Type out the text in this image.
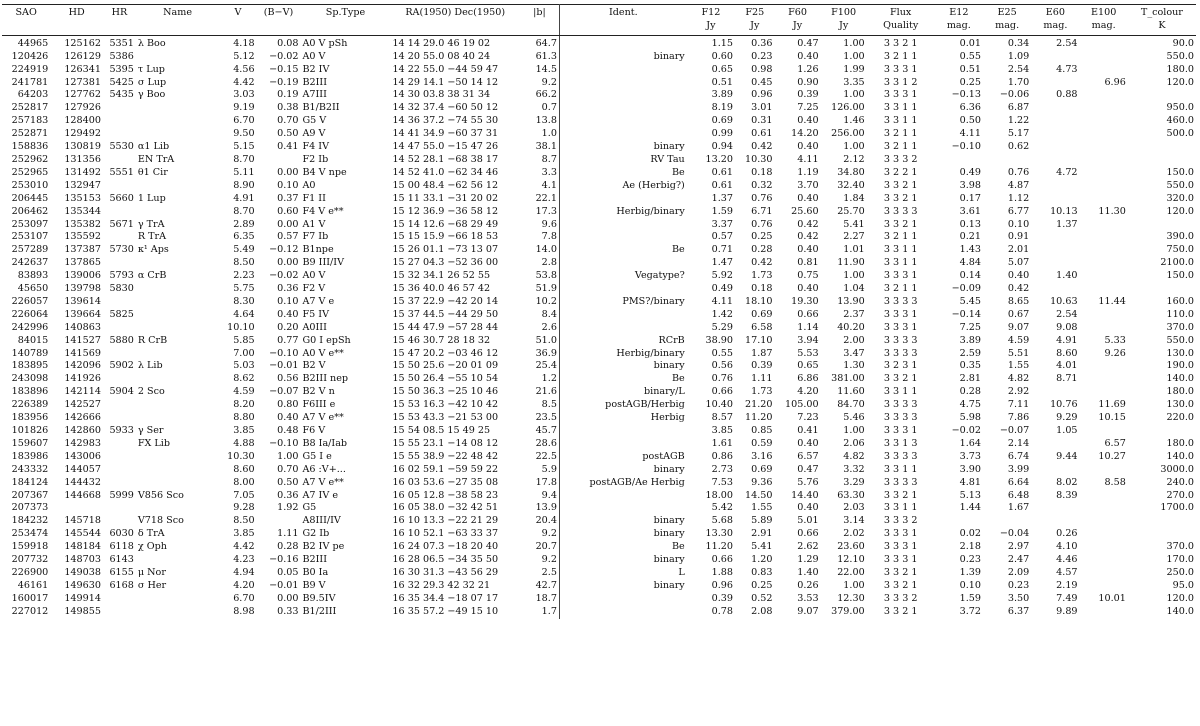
SAO	HD	HR	Name	V	(B−V)	Sp.Type	RA(1950) Dec(1950)	|b|	Ident.	F12	F25	F60	F100	Flux	E12	E25	E60	E100	T_colour
										Jy	Jy	Jy	Jy	Quality	mag.	mag.	mag.	mag.	K
44965	125162	5351	λ Boo	4.18	0.08	A0 V pSh	14 14 29.0 46 19 02	64.7		1.15	0.36	0.47	1.00	3 3 2 1	0.01	0.34	2.54		90.0
120426	126129	5386		5.12	−0.02	A0 V	14 20 55.0 08 40 24	61.3	binary	0.60	0.23	0.40	1.00	3 2 1 1	0.55	1.09			550.0
224919	126341	5395	τ Lup	4.56	−0.15	B2 IV	14 22 55.0 −44 59 47	14.5		0.65	0.98	1.26	1.99	3 3 3 1	0.51	2.54	4.73		180.0
241781	127381	5425	σ Lup	4.42	−0.19	B2III	14 29 14.1 −50 14 12	9.2		0.51	0.45	0.90	3.35	3 3 1 2	0.25	1.70		6.96	120.0
64203	127762	5435	γ Boo	3.03	0.19	A7III	14 30 03.8 38 31 34	66.2		3.89	0.96	0.39	1.00	3 3 3 1	−0.13	−0.06	0.88		
252817	127926			9.19	0.38	B1/B2II	14 32 37.4 −60 50 12	0.7		8.19	3.01	7.25	126.00	3 3 1 1	6.36	6.87			950.0
257183	128400			6.70	0.70	G5 V	14 36 37.2 −74 55 30	13.8		0.69	0.31	0.40	1.46	3 3 1 1	0.50	1.22			460.0
252871	129492			9.50	0.50	A9 V	14 41 34.9 −60 37 31	1.0		0.99	0.61	14.20	256.00	3 2 1 1	4.11	5.17			500.0
158836	130819	5530	α1 Lib	5.15	0.41	F4 IV	14 47 55.0 −15 47 26	38.1	binary	0.94	0.42	0.40	1.00	3 2 1 1	−0.10	0.62			
252962	131356		EN TrA	8.70		F2 Ib	14 52 28.1 −68 38 17	8.7	RV Tau	13.20	10.30	4.11	2.12	3 3 3 2					
252965	131492	5551	θ1 Cir	5.11	0.00	B4 V npe	14 52 41.0 −62 34 46	3.3	Be	0.61	0.18	1.19	34.80	3 2 2 1	0.49	0.76	4.72		150.0
253010	132947			8.90	0.10	A0	15 00 48.4 −62 56 12	4.1	Ae (Herbig?)	0.61	0.32	3.70	32.40	3 3 2 1	3.98	4.87			550.0
206445	135153	5660	1 Lup	4.91	0.37	F1 II	15 11 33.1 −31 20 02	22.1		1.37	0.76	0.40	1.84	3 3 2 1	0.17	1.12			320.0
206462	135344			8.70	0.60	F4 V e**	15 12 36.9 −36 58 12	17.3	Herbig/binary	1.59	6.71	25.60	25.70	3 3 3 3	3.61	6.77	10.13	11.30	120.0
253097	135382	5671	γ TrA	2.89	0.00	A1 V	15 14 12.6 −68 29 49	9.6		3.37	0.76	0.42	5.41	3 3 2 1	0.13	0.10	1.37		
253107	135592		R TrA	6.35	0.57	F7 Ib	15 15 15.9 −66 18 53	7.8		0.57	0.25	0.42	2.27	3 2 1 1	0.21	0.91			390.0
257289	137387	5730	κ¹ Aps	5.49	−0.12	B1npe	15 26 01.1 −73 13 07	14.0	Be	0.71	0.28	0.40	1.01	3 3 1 1	1.43	2.01			750.0
242637	137865			8.50	0.00	B9 III/IV	15 27 04.3 −52 36 00	2.8		1.47	0.42	0.81	11.90	3 3 1 1	4.84	5.07			2100.0
83893	139006	5793	α CrB	2.23	−0.02	A0 V	15 32 34.1 26 52 55	53.8	Vegatype?	5.92	1.73	0.75	1.00	3 3 3 1	0.14	0.40	1.40		150.0
45650	139798	5830		5.75	0.36	F2 V	15 36 40.0 46 57 42	51.9		0.49	0.18	0.40	1.04	3 2 1 1	−0.09	0.42			
226057	139614			8.30	0.10	A7 V e	15 37 22.9 −42 20 14	10.2	PMS?/binary	4.11	18.10	19.30	13.90	3 3 3 3	5.45	8.65	10.63	11.44	160.0
226064	139664	5825		4.64	0.40	F5 IV	15 37 44.5 −44 29 50	8.4		1.42	0.69	0.66	2.37	3 3 3 1	−0.14	0.67	2.54		110.0
242996	140863			10.10	0.20	A0III	15 44 47.9 −57 28 44	2.6		5.29	6.58	1.14	40.20	3 3 3 1	7.25	9.07	9.08		370.0
84015	141527	5880	R CrB	5.85	0.77	G0 I epSh	15 46 30.7 28 18 32	51.0	RCrB	38.90	17.10	3.94	2.00	3 3 3 3	3.89	4.59	4.91	5.33	550.0
140789	141569			7.00	−0.10	A0 V e**	15 47 20.2 −03 46 12	36.9	Herbig/binary	0.55	1.87	5.53	3.47	3 3 3 3	2.59	5.51	8.60	9.26	130.0
183895	142096	5902	λ Lib	5.03	−0.01	B2 V	15 50 25.6 −20 01 09	25.4	binary	0.56	0.39	0.65	1.30	3 2 3 1	0.35	1.55	4.01		190.0
243098	141926			8.62	0.56	B2III nep	15 50 26.4 −55 10 54	1.2	Be	0.76	1.11	6.86	381.00	3 3 2 1	2.81	4.82	8.71		140.0
183896	142114	5904	2 Sco	4.59	−0.07	B2 V n	15 50 36.3 −25 10 46	21.6	binary/L	0.66	1.73	4.20	11.60	3 3 1 1	0.28	2.92			180.0
226389	142527			8.20	0.80	F6III e	15 53 16.3 −42 10 42	8.5	postAGB/Herbig	10.40	21.20	105.00	84.70	3 3 3 3	4.75	7.11	10.76	11.69	130.0
183956	142666			8.80	0.40	A7 V e**	15 53 43.3 −21 53 00	23.5	Herbig	8.57	11.20	7.23	5.46	3 3 3 3	5.98	7.86	9.29	10.15	220.0
101826	142860	5933	γ Ser	3.85	0.48	F6 V	15 54 08.5 15 49 25	45.7		3.85	0.85	0.41	1.00	3 3 3 1	−0.02	−0.07	1.05		
159607	142983		FX Lib	4.88	−0.10	B8 Ia/Iab	15 55 23.1 −14 08 12	28.6		1.61	0.59	0.40	2.06	3 3 1 3	1.64	2.14		6.57	180.0
183986	143006			10.30	1.00	G5 I e	15 55 38.9 −22 48 42	22.5	postAGB	0.86	3.16	6.57	4.82	3 3 3 3	3.73	6.74	9.44	10.27	140.0
243332	144057			8.60	0.70	A6 :V+...	16 02 59.1 −59 59 22	5.9	binary	2.73	0.69	0.47	3.32	3 3 1 1	3.90	3.99			3000.0
184124	144432			8.00	0.50	A7 V e**	16 03 53.6 −27 35 08	17.8	postAGB/Ae Herbig	7.53	9.36	5.76	3.29	3 3 3 3	4.81	6.64	8.02	8.58	240.0
207367	144668	5999	V856 Sco	7.05	0.36	A7 IV e	16 05 12.8 −38 58 23	9.4		18.00	14.50	14.40	63.30	3 3 2 1	5.13	6.48	8.39		270.0
207373				9.28	1.92	G5	16 05 38.0 −32 42 51	13.9		5.42	1.55	0.40	2.03	3 3 1 1	1.44	1.67			1700.0
184232	145718		V718 Sco	8.50		A8III/IV	16 10 13.3 −22 21 29	20.4	binary	5.68	5.89	5.01	3.14	3 3 3 2					
253474	145544	6030	δ TrA	3.85	1.11	G2 Ib	16 10 52.1 −63 33 37	9.2	binary	13.30	2.91	0.66	2.02	3 3 3 1	0.02	−0.04	0.26		
159918	148184	6118	χ Oph	4.42	0.28	B2 IV pe	16 24 07.3 −18 20 40	20.7	Be	11.20	5.41	2.62	23.60	3 3 3 1	2.18	2.97	4.10		370.0
207732	148703	6143		4.23	−0.16	B2III	16 28 06.5 −34 35 50	9.2	binary	0.66	1.20	1.29	12.10	3 3 3 1	0.23	2.47	4.46		170.0
226900	149038	6155	μ Nor	4.94	0.05	B0 Ia	16 30 31.3 −43 56 29	2.5	L	1.88	0.83	1.40	22.00	3 3 2 1	1.39	2.09	4.57		250.0
46161	149630	6168	σ Her	4.20	−0.01	B9 V	16 32 29.3 42 32 21	42.7	binary	0.96	0.25	0.26	1.00	3 3 2 1	0.10	0.23	2.19		95.0
160017	149914			6.70	0.00	B9.5IV	16 35 34.4 −18 07 17	18.7		0.39	0.52	3.53	12.30	3 3 3 2	1.59	3.50	7.49	10.01	120.0
227012	149855			8.98	0.33	B1/2III	16 35 57.2 −49 15 10	1.7		0.78	2.08	9.07	379.00	3 3 2 1	3.72	6.37	9.89		140.0
